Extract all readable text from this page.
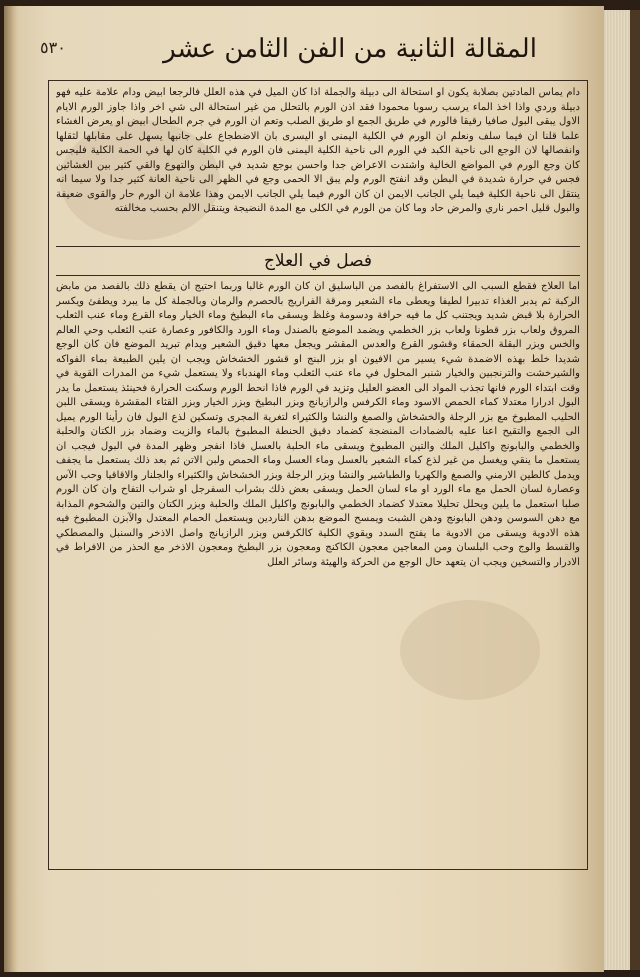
٥٣٠	المقالة الثانية من الفن الثامن عشر
دام يماس المادتين بصلابة يكون او استحالة الى دبيلة والجملة اذا كان الميل في هذه العلل فالرجعا ابيض ودام علامة عليه فهو دبيلة وردي واذا اخذ الماء يرسب رسوبا محمودا فقد اذن الورم بالتحلل من غير استحالة الى شي اخر واذا جاوز الورم الايام الاول يبقى البول صافيا رقيقا فالورم في طريق الجمع او طريق الصلب وتعم ان الورم في جرم الطحال ابيض او يعرض الغشاء علما قلنا ان فيما سلف ونعلم ان الورم في الكلية اليمنى او اليسرى بان الاضطجاع على جانبها يسهل على مقابلها لثقلها وانفصالها لان الوجع الى ناحية الكبد في الورم الى ناحية الكلية اليمنى فان الورم في الكلية كان لها في الحمة الكلية فليجس كان وجع الورم في المواضع الخالية واشتدت الاعراض جدا واحسن بوجع شديد في البطن والتهوع والقي كثير بين الغشائين فجس في حرارة شديدة في البطن وقد انفتح الورم ولم يبق الا الحمى وجع في الظهر الى ناحية العانة كثير جدا ولا سيما انه ينتقل الى ناحية الكلية فيما يلي الجانب الايمن ان كان الورم فيما يلي الجانب الايمن وهذا علامة ان الورم حار والقوى ضعيفة والبول قليل احمر ناري والمرض حاد وما كان من الورم في الكلى مع المدة النضيجة ويتنقل الالم بحسب مخالفته
فصل في العلاج
اما العلاج فقطع السبب الى الاستفراغ بالفصد من الباسليق ان كان الورم غالبا وربما احتيج ان يقطع ذلك بالفصد من مابض الركبة ثم يدبر الغذاء تدبيرا لطيفا ويعطى ماء الشعير ومرقة الفراريج بالحصرم والرمان وبالجملة كل ما يبرد ويطفئ ويكسر الحرارة بلا قبض شديد ويجتنب كل ما فيه حرافة ودسومة وغلظ ويسقى ماء البطيخ وماء الخيار وماء القرع وماء عنب الثعلب المروق ولعاب بزر قطونا ولعاب بزر الخطمي ويضمد الموضع بالصندل وماء الورد والكافور وعصارة عنب الثعلب وحي العالم والخس وبزر البقلة الحمقاء وقشور القرع والعدس المقشر ويجعل معها دقيق الشعير ويدام تبريد الموضع فان كان الوجع شديدا خلط بهذه الاضمدة شيء يسير من الافيون او بزر البنج او قشور الخشخاش ويجب ان يلين الطبيعة بماء الفواكه والشيرخشت والترنجبين والخيار شنبر المحلول في ماء عنب الثعلب وماء الهندباء ولا يستعمل شيء من المدرات القوية في وقت ابتداء الورم فانها تجذب المواد الى العضو العليل وتزيد في الورم فاذا انحط الورم وسكنت الحرارة فحينئذ يستعمل ما يدر البول ادرارا معتدلا كماء الحمص الاسود وماء الكرفس والرازيانج وبزر البطيخ وبزر الخيار وبزر القثاء المقشرة ويسقى اللبن الحليب المطبوخ مع بزر الرجلة والخشخاش والصمغ والنشا والكثيراء لتغرية المجرى وتسكين لذع البول فان رأينا الورم يميل الى الجمع والتقيح اعنا عليه بالضمادات المنضجة كضماد دقيق الحنطة المطبوخ بالماء والزيت وضماد بزر الكتان والحلبة والخطمي والبابونج واكليل الملك والتين المطبوخ ويسقى ماء الحلبة بالعسل فاذا انفجر وظهر المدة في البول فيجب ان يستعمل ما ينقي ويغسل من غير لذع كماء الشعير بالعسل وماء العسل وماء الحمص ولبن الاتن ثم بعد ذلك يستعمل ما يجفف ويدمل كالطين الارمني والصمغ والكهربا والطباشير والنشا وبزر الرجلة وبزر الخشخاش والكثيراء والجلنار والاقاقيا وحب الآس وعصارة لسان الحمل مع ماء الورد او ماء لسان الحمل ويسقى بعض ذلك بشراب السفرجل او شراب التفاح وان كان الورم صلبا استعمل ما يلين ويحلل تحليلا معتدلا كضماد الخطمي والبابونج واكليل الملك والحلبة وبزر الكتان والتين والشحوم المذابة مع دهن السوسن ودهن البابونج ودهن الشبت ويمسح الموضع بدهن الناردين ويستعمل الحمام المعتدل والآبزن المطبوخ فيه هذه الادوية ويسقى من الادوية ما يفتح السدد ويقوي الكلية كالكرفس وبزر الرازيانج واصل الاذخر والسنبل والمصطكي والقسط والوج وحب البلسان ومن المعاجين معجون الكاكنج ومعجون بزر البطيخ ومعجون الاذخر مع الحذر من الافراط في الادرار والتسخين ويجب ان يتعهد حال الوجع من الحركة والهيئة وسائر العلل
